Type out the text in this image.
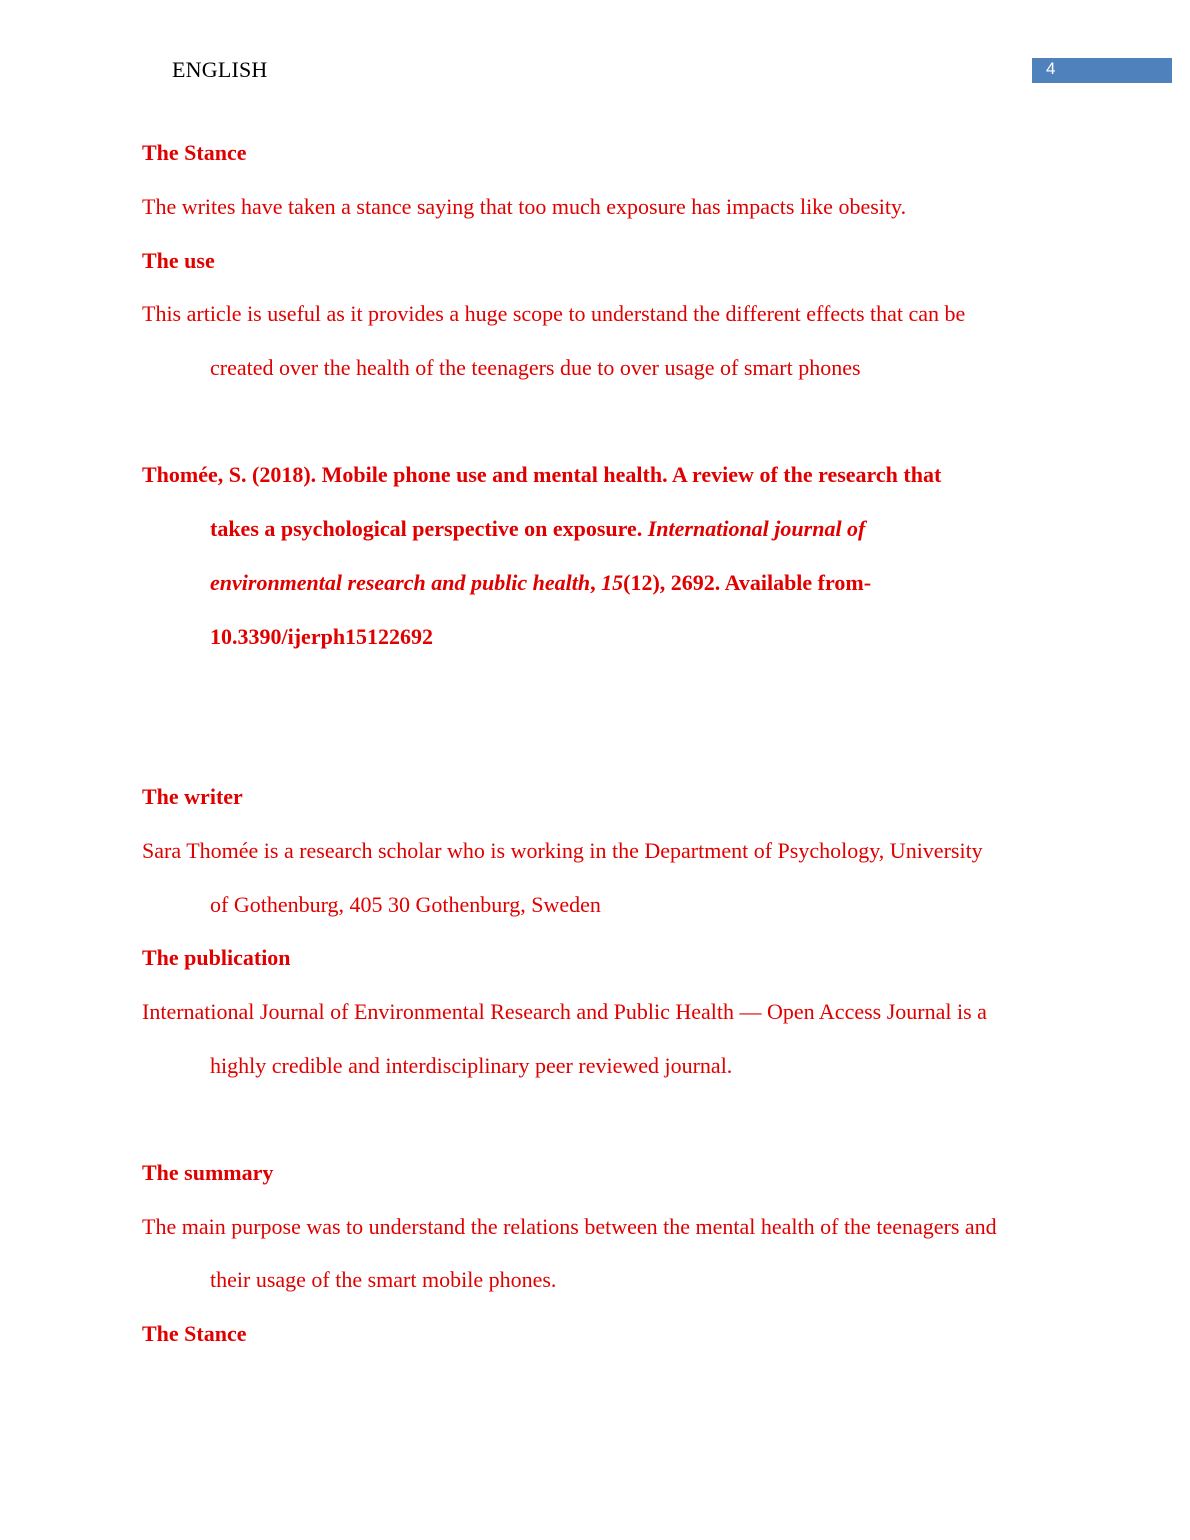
ENGLISH	4
The Stance
The writes have taken a stance saying that too much exposure has impacts like obesity.
The use
This article is useful as it provides a huge scope to understand the different effects that can be
created over the health of the teenagers due to over usage of smart phones
Thomée, S. (2018). Mobile phone use and mental health. A review of the research that
takes a psychological perspective on exposure. International journal of
environmental research and public health, 15(12), 2692. Available from-
10.3390/ijerph15122692
The writer
Sara Thomée is a research scholar who is working in the Department of Psychology, University
of Gothenburg, 405 30 Gothenburg, Sweden
The publication
International Journal of Environmental Research and Public Health — Open Access Journal is a
highly credible and interdisciplinary peer reviewed journal.
The summary
The main purpose was to understand the relations between the mental health of the teenagers and
their usage of the smart mobile phones.
The Stance
